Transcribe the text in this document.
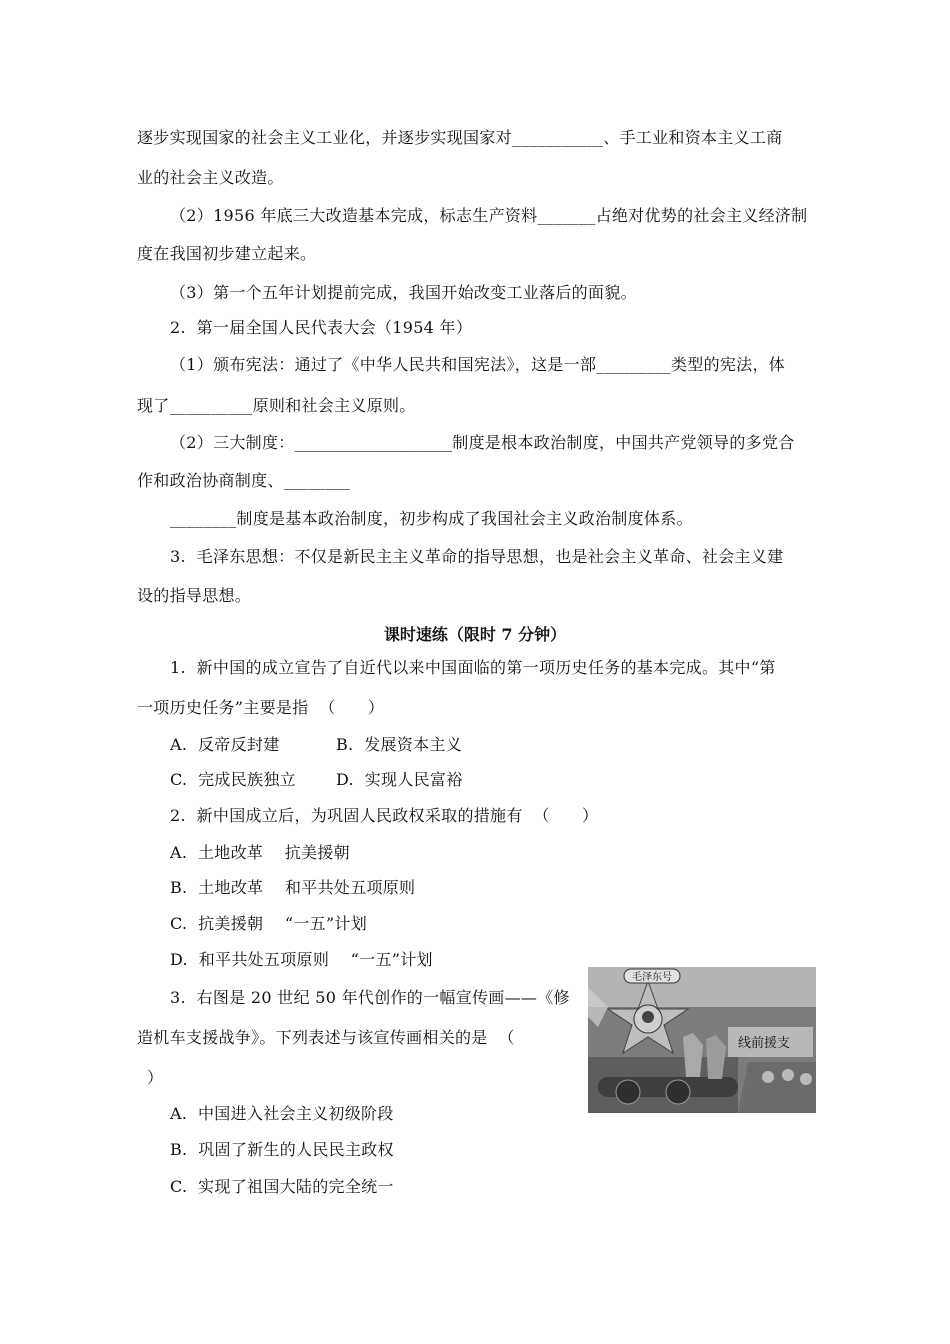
逐步实现国家的社会主义工业化，并逐步实现国家对___________、手工业和资本主义工商
业的社会主义改造。
（2）1956 年底三大改造基本完成，标志生产资料_______占绝对优势的社会主义经济制
度在我国初步建立起来。
（3）第一个五年计划提前完成，我国开始改变工业落后的面貌。
2.  第一届全国人民代表大会（1954 年）
（1）颁布宪法：通过了《中华人民共和国宪法》，这是一部_________类型的宪法，体
现了__________原则和社会主义原则。
（2）三大制度：___________________制度是根本政治制度，中国共产党领导的多党合
作和政治协商制度、________
________制度是基本政治制度，初步构成了我国社会主义政治制度体系。
3.  毛泽东思想：不仅是新民主主义革命的指导思想，也是社会主义革命、社会主义建
设的指导思想。
课时速练（限时 7 分钟）
1.  新中国的成立宣告了自近代以来中国面临的第一项历史任务的基本完成。其中“第
一项历史任务”主要是指  （      ）
A.  反帝反封建	B.  发展资本主义
C.  完成民族独立	D.  实现人民富裕
2.  新中国成立后，为巩固人民政权采取的措施有  （      ）
A.  土地改革    抗美援朝
B.  土地改革    和平共处五项原则
C.  抗美援朝    “一五”计划
D.  和平共处五项原则    “一五”计划
3.  右图是 20 世纪 50 年代创作的一幅宣传画——《修
造机车支援战争》。下列表述与该宣传画相关的是  （
）
A.  中国进入社会主义初级阶段
B.  巩固了新生的人民民主政权
C.  实现了祖国大陆的完全统一
毛泽东号
线前援支
